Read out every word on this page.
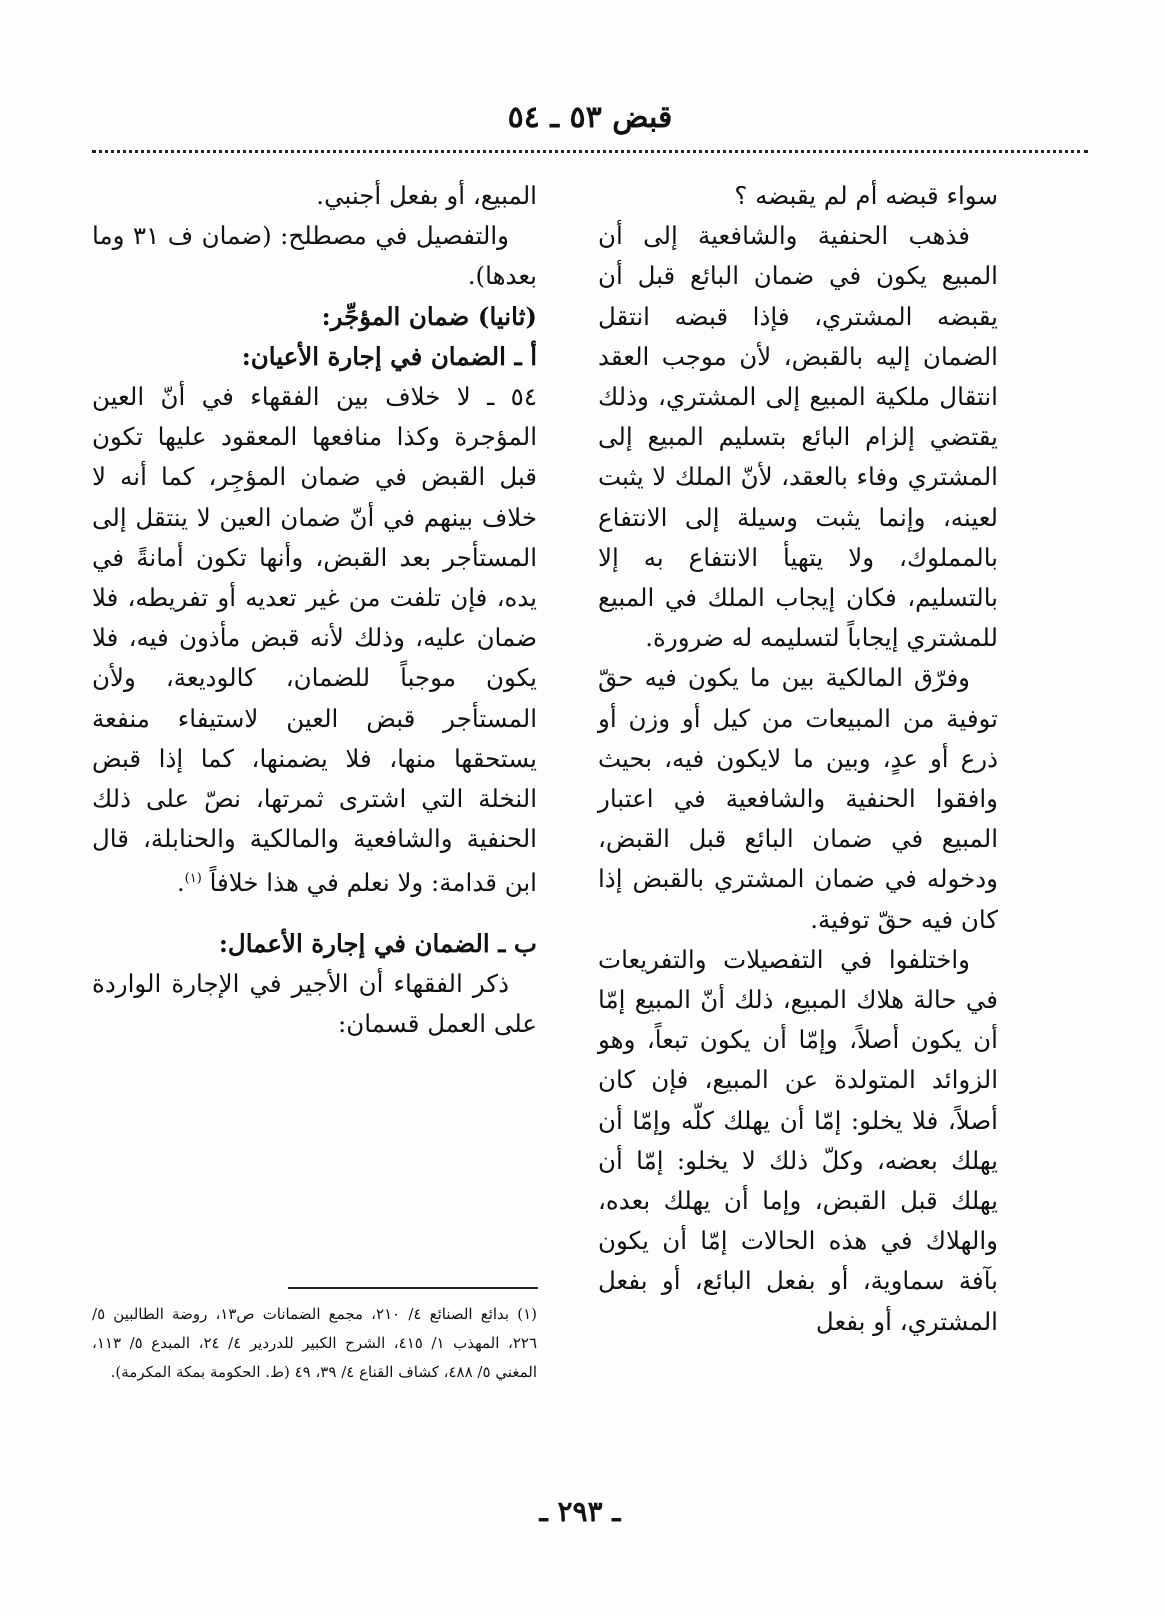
قبض ٥٣ ـ ٥٤

سواء قبضه أم لم يقبضه ؟

فذهب الحنفية والشافعية إلى أن المبيع يكون في ضمان البائع قبل أن يقبضه المشتري، فإذا قبضه انتقل الضمان إليه بالقبض، لأن موجب العقد انتقال ملكية المبيع إلى المشتري، وذلك يقتضي إلزام البائع بتسليم المبيع إلى المشتري وفاء بالعقد، لأنّ الملك لا يثبت لعينه، وإنما يثبت وسيلة إلى الانتفاع بالمملوك، ولا يتهيأ الانتفاع به إلا بالتسليم، فكان إيجاب الملك في المبيع للمشتري إيجاباً لتسليمه له ضرورة.

وفرّق المالكية بين ما يكون فيه حقّ توفية من المبيعات من كيل أو وزن أو ذرع أو عدٍ، وبين ما لايكون فيه، بحيث وافقوا الحنفية والشافعية في اعتبار المبيع في ضمان البائع قبل القبض، ودخوله في ضمان المشتري بالقبض إذا كان فيه حقّ توفية.

واختلفوا في التفصيلات والتفريعات في حالة هلاك المبيع، ذلك أنّ المبيع إمّا أن يكون أصلاً، وإمّا أن يكون تبعاً، وهو الزوائد المتولدة عن المبيع، فإن كان أصلاً، فلا يخلو: إمّا أن يهلك كلّه وإمّا أن يهلك بعضه، وكلّ ذلك لا يخلو: إمّا أن يهلك قبل القبض، وإما أن يهلك بعده، والهلاك في هذه الحالات إمّا أن يكون بآفة سماوية، أو بفعل البائع، أو بفعل المشتري، أو بفعل

المبيع، أو بفعل أجنبي.

والتفصيل في مصطلح: (ضمان ف ٣١ وما بعدها).

(ثانيا) ضمان المؤجِّر:

أ ـ الضمان في إجارة الأعيان:

٥٤ ـ لا خلاف بين الفقهاء في أنّ العين المؤجرة وكذا منافعها المعقود عليها تكون قبل القبض في ضمان المؤجِر، كما أنه لا خلاف بينهم في أنّ ضمان العين لا ينتقل إلى المستأجر بعد القبض، وأنها تكون أمانةً في يده، فإن تلفت من غير تعديه أو تفريطه، فلا ضمان عليه، وذلك لأنه قبض مأذون فيه، فلا يكون موجباً للضمان، كالوديعة، ولأن المستأجر قبض العين لاستيفاء منفعة يستحقها منها، فلا يضمنها، كما إذا قبض النخلة التي اشترى ثمرتها، نصّ على ذلك الحنفية والشافعية والمالكية والحنابلة، قال ابن قدامة: ولا نعلم في هذا خلافاً $^{(١)}$.

ب ـ الضمان في إجارة الأعمال:

ذكر الفقهاء أن الأجير في الإجارة الواردة على العمل قسمان:

(١) بدائع الصنائع ٤/ ٢١٠، مجمع الضمانات ص١٣، روضة الطالبين ٥/ ٢٢٦، المهذب ١/ ٤١٥، الشرح الكبير للدردير ٤/ ٢٤، المبدع ٥/ ١١٣، المغني ٥/ ٤٨٨، كشاف القناع ٤/ ٣٩، ٤٩ (ط. الحكومة بمكة المكرمة).
ـ ٢٩٣ ـ
